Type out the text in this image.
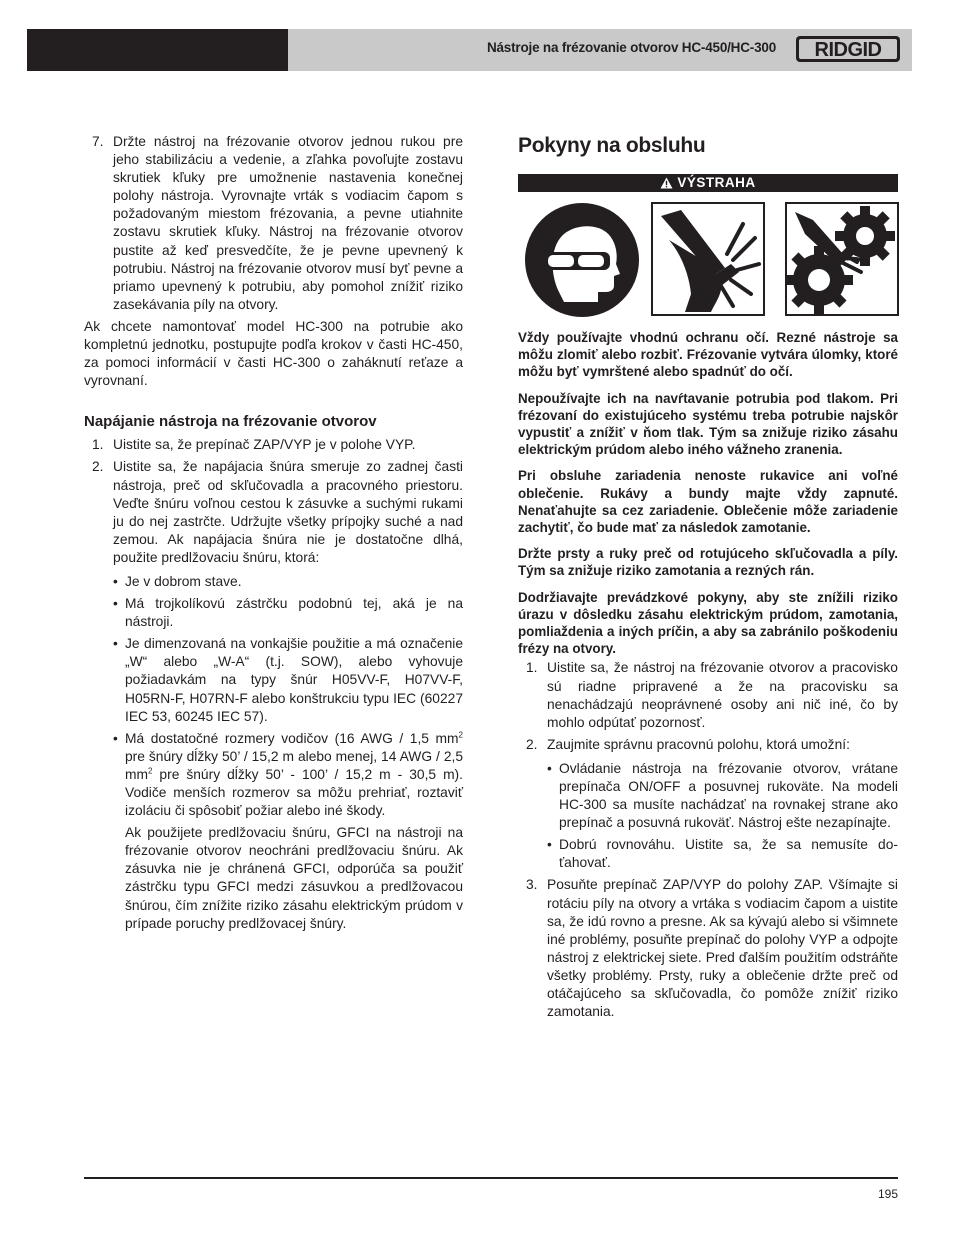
Nástroje na frézovanie otvorov HC-450/HC-300 RIDGID
7. Držte nástroj na frézovanie otvorov jednou rukou pre jeho stabilizáciu a vedenie, a zľahka povoľujte zostavu skrutiek kľuky pre umožnenie nastavenia konečnej polohy nástroja. Vyrovnajte vrták s vodiacim čapom s požadovaným miestom frézovania, a pevne utiahnite zostavu skrutiek kľuky. Nástroj na frézovanie otvorov pustite až keď presvedčíte, že je pevne upevnený k potrubiu. Nástroj na frézovanie otvorov musí byť pevne a priamo upevnený k potrubiu, aby pomohol znížiť riziko zasekávania píly na otvory.

Ak chcete namontovať model HC-300 na potrubie ako kompletnú jednotku, postupujte podľa krokov v časti HC-450, za pomoci informácií v časti HC-300 o zaháknutí reťaze a vyrovnaní.

Napájanie nástroja na frézovanie otvorov
1. Uistite sa, že prepínač ZAP/VYP je v polohe VYP.
2. Uistite sa, že napájacia šnúra smeruje zo zadnej časti nástroja, preč od skľučovadla a pracovného priestoru. Veďte šnúru voľnou cestou k zásuvke a suchými rukami ju do nej zastrčte. Udržujte všetky prípojky suché a nad zemou. Ak napájacia šnúra nie je dostatočne dlhá, použite predlžovaciu šnúru, ktorá:
• Je v dobrom stave.
• Má trojkolíkovú zástrčku podobnú tej, aká je na nástroji.
• Je dimenzovaná na vonkajšie použitie a má označenie „W“ alebo „W-A“ (t.j. SOW), alebo vyhovuje požiadavkám na typy šnúr H05VV-F, H07VV-F, H05RN-F, H07RN-F alebo konštrukciu typu IEC (60227 IEC 53, 60245 IEC 57).
• Má dostatočné rozmery vodičov (16 AWG / 1,5 $mm^2$ pre šnúry dĺžky 50’ / 15,2 m alebo menej, 14 AWG / 2,5 $mm^2$ pre šnúry dĺžky 50’ - 100’ / 15,2 m - 30,5 m). Vodiče menších rozmerov sa môžu prehriať, roztaviť izoláciu či spôsobiť požiar alebo iné škody.

Ak použijete predlžovaciu šnúru, GFCI na nástroji na frézovanie otvorov neochráni predlžovaciu šnúru. Ak zásuvka nie je chránená GFCI, odporúča sa použiť zástrčku typu GFCI medzi zásuvkou a predlžovacou šnúrou, čím znížite riziko zásahu elektrickým prúdom v prípade poruchy predlžovacej šnúry.

Pokyny na obsluhu
VÝSTRAHA

Vždy používajte vhodnú ochranu očí. Rezné nástroje sa môžu zlomiť alebo rozbiť. Frézovanie vytvára úlomky, ktoré môžu byť vymrštené alebo spadnúť do očí.

Nepoužívajte ich na navŕtavanie potrubia pod tlakom. Pri frézovaní do existujúceho systému treba potrubie najskôr vypustiť a znížiť v ňom tlak. Tým sa znižuje riziko zásahu elektrickým prúdom alebo iného vážneho zranenia.

Pri obsluhe zariadenia nenoste rukavice ani voľné oblečenie. Rukávy a bundy majte vždy zapnuté. Nenaťahujte sa cez zariadenie. Oblečenie môže zariadenie zachytiť, čo bude mať za následok zamotanie.

Držte prsty a ruky preč od rotujúceho skľučovadla a píly. Tým sa znižuje riziko zamotania a rezných rán.

Dodržiavajte prevádzkové pokyny, aby ste znížili riziko úrazu v dôsledku zásahu elektrickým prúdom, zamotania, pomliaždenia a iných príčin, a aby sa zabránilo poškodeniu frézy na otvory.

1. Uistite sa, že nástroj na frézovanie otvorov a pracovisko sú riadne pripravené a že na pracovisku sa nenachádzajú neoprávnené osoby ani nič iné, čo by mohlo odpútať pozornosť.
2. Zaujmite správnu pracovnú polohu, ktorá umožní:
• Ovládanie nástroja na frézovanie otvorov, vrátane prepínača ON/OFF a posuvnej rukoväte. Na modeli HC-300 sa musíte nachádzať na rovnakej strane ako prepínač a posuvná rukoväť. Nástroj ešte nezapínajte.
• Dobrú rovnováhu. Uistite sa, že sa nemusíte doťahovať.
3. Posuňte prepínač ZAP/VYP do polohy ZAP. Všímajte si rotáciu píly na otvory a vrtáka s vodiacim čapom a uistite sa, že idú rovno a presne. Ak sa kývajú alebo si všimnete iné problémy, posuňte prepínač do polohy VYP a odpojte nástroj z elektrickej siete. Pred ďalším použitím odstráňte všetky problémy. Prsty, ruky a oblečenie držte preč od otáčajúceho sa skľučovadla, čo pomôže znížiť riziko zamotania.
195
